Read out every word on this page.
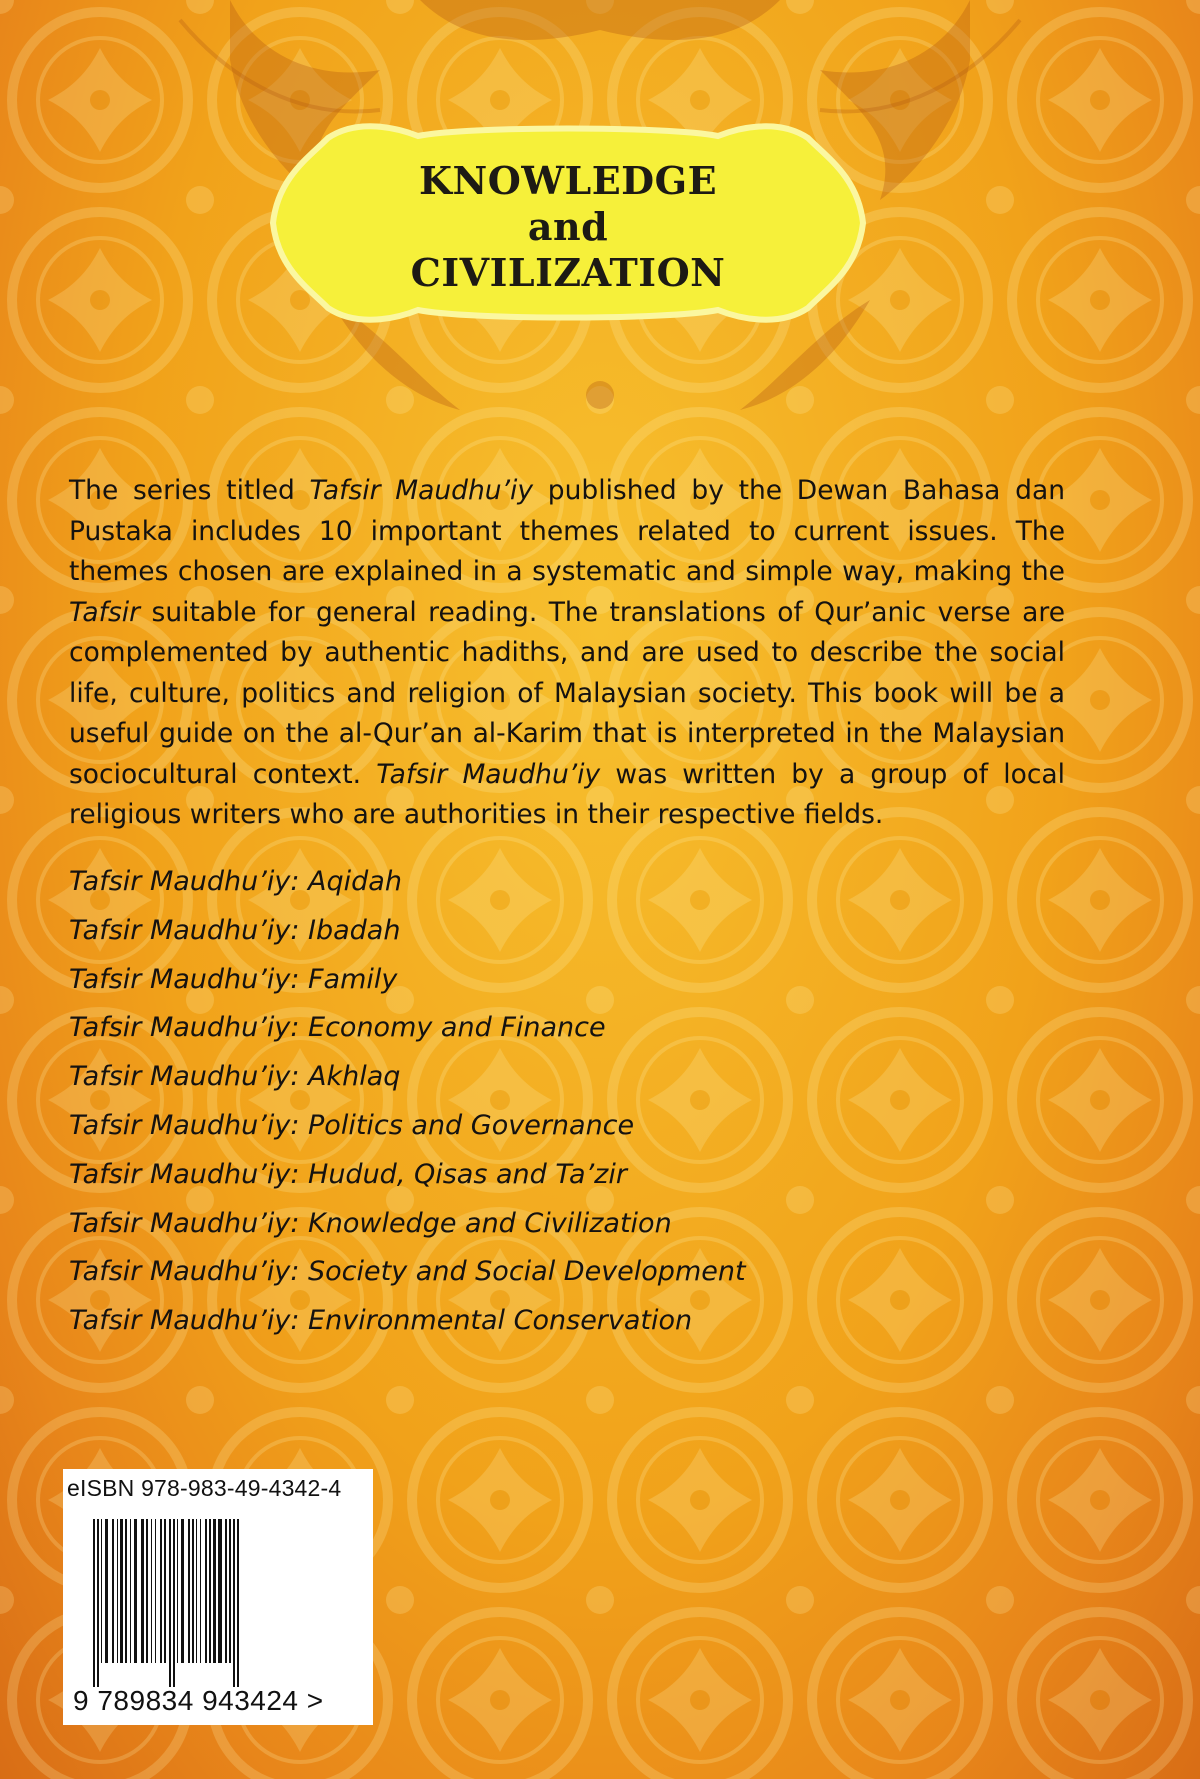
KNOWLEDGE
and
CIVILIZATION

The series titled Tafsir Maudhu’iy published by the Dewan Bahasa dan Pustaka includes 10 important themes related to current issues. The themes chosen are explained in a systematic and simple way, making the Tafsir suitable for general reading. The translations of Qur’anic verse are complemented by authentic hadiths, and are used to describe the social life, culture, politics and religion of Malaysian society. This book will be a useful guide on the al-Qur’an al-Karim that is interpreted in the Malaysian sociocultural context. Tafsir Maudhu’iy was written by a group of local religious writers who are authorities in their respective fields.

Tafsir Maudhu’iy: Aqidah
Tafsir Maudhu’iy: Ibadah
Tafsir Maudhu’iy: Family
Tafsir Maudhu’iy: Economy and Finance
Tafsir Maudhu’iy: Akhlaq
Tafsir Maudhu’iy: Politics and Governance
Tafsir Maudhu’iy: Hudud, Qisas and Ta’zir
Tafsir Maudhu’iy: Knowledge and Civilization
Tafsir Maudhu’iy: Society and Social Development
Tafsir Maudhu’iy: Environmental Conservation
eISBN 978-983-49-4342-4
9 789834 943424 >
